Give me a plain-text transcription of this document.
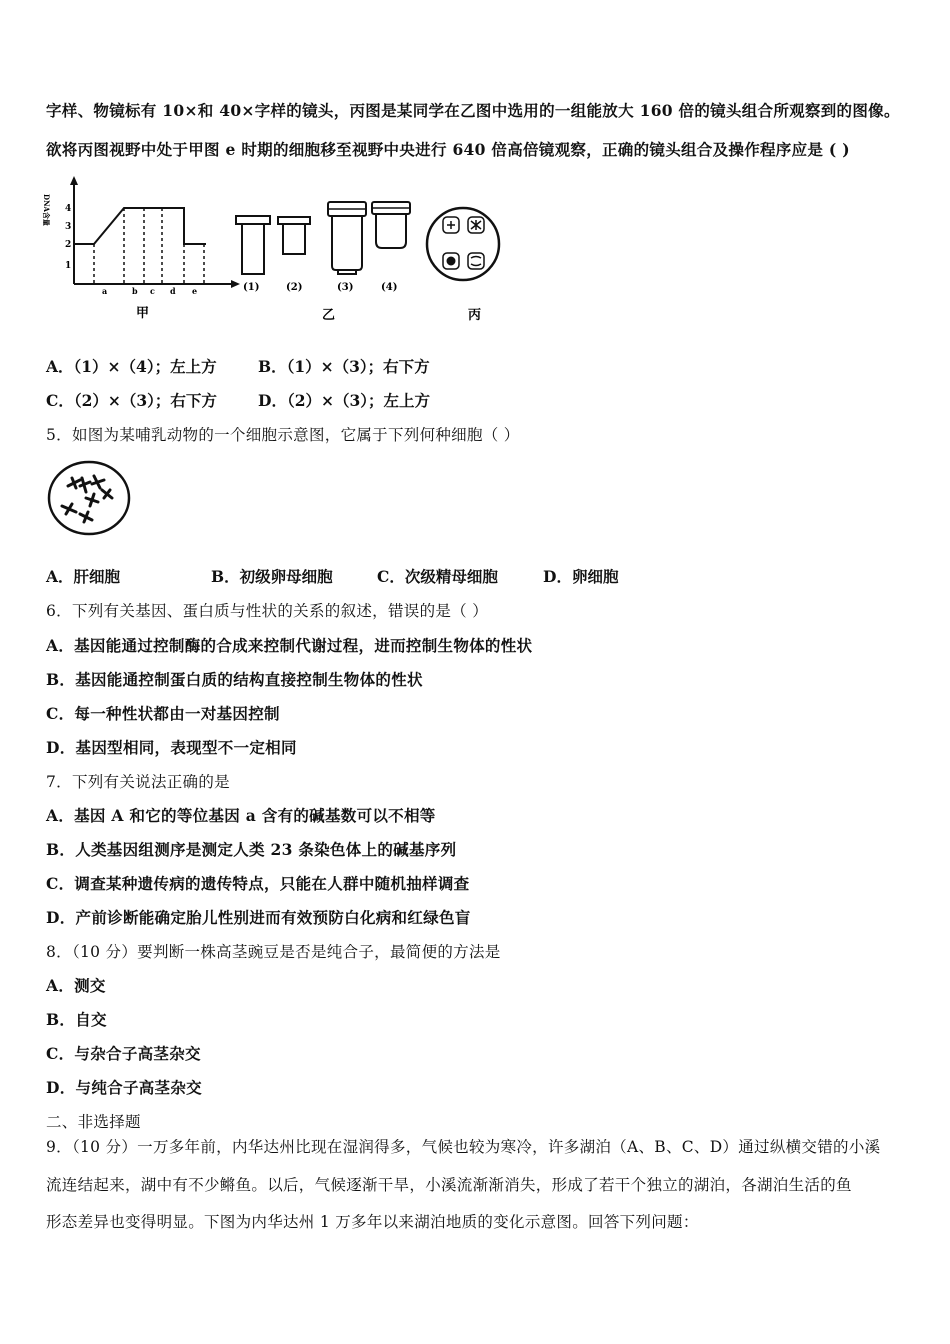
字样、物镜标有 10×和 40×字样的镜头，丙图是某同学在乙图中选用的一组能放大 160 倍的镜头组合所观察到的图像。
欲将丙图视野中处于甲图 e 时期的细胞移至视野中央进行 640 倍高倍镜观察，正确的镜头组合及操作程序应是 ( )
DNA含量 4
3
2
1
a	b c d e
甲
(1)	(2)	(3)	(4)
乙	丙
A．（1）×（4）；左上方	B．（1）×（3）；右下方
C．（2）×（3）；右下方	D．（2）×（3）；左上方
5．如图为某哺乳动物的一个细胞示意图，它属于下列何种细胞（ ）
A．肝细胞	B．初级卵母细胞	C．次级精母细胞	D．卵细胞
6．下列有关基因、蛋白质与性状的关系的叙述，错误的是（ ）
A．基因能通过控制酶的合成来控制代谢过程，进而控制生物体的性状
B．基因能通控制蛋白质的结构直接控制生物体的性状
C．每一种性状都由一对基因控制
D．基因型相同，表现型不一定相同
7．下列有关说法正确的是
A．基因 A 和它的等位基因 a 含有的碱基数可以不相等
B．人类基因组测序是测定人类 23 条染色体上的碱基序列
C．调查某种遗传病的遗传特点，只能在人群中随机抽样调查
D．产前诊断能确定胎儿性别进而有效预防白化病和红绿色盲
8．（10 分）要判断一株高茎豌豆是否是纯合子，最简便的方法是
A．测交
B．自交
C．与杂合子高茎杂交
D．与纯合子高茎杂交
二、非选择题
9．（10 分）一万多年前，内华达州比现在湿润得多，气候也较为寒冷，许多湖泊（A、B、C、D）通过纵横交错的小溪
流连结起来，湖中有不少鳉鱼。以后，气候逐渐干旱，小溪流渐渐消失，形成了若干个独立的湖泊，各湖泊生活的鱼
形态差异也变得明显。下图为内华达州 1 万多年以来湖泊地质的变化示意图。回答下列问题：
